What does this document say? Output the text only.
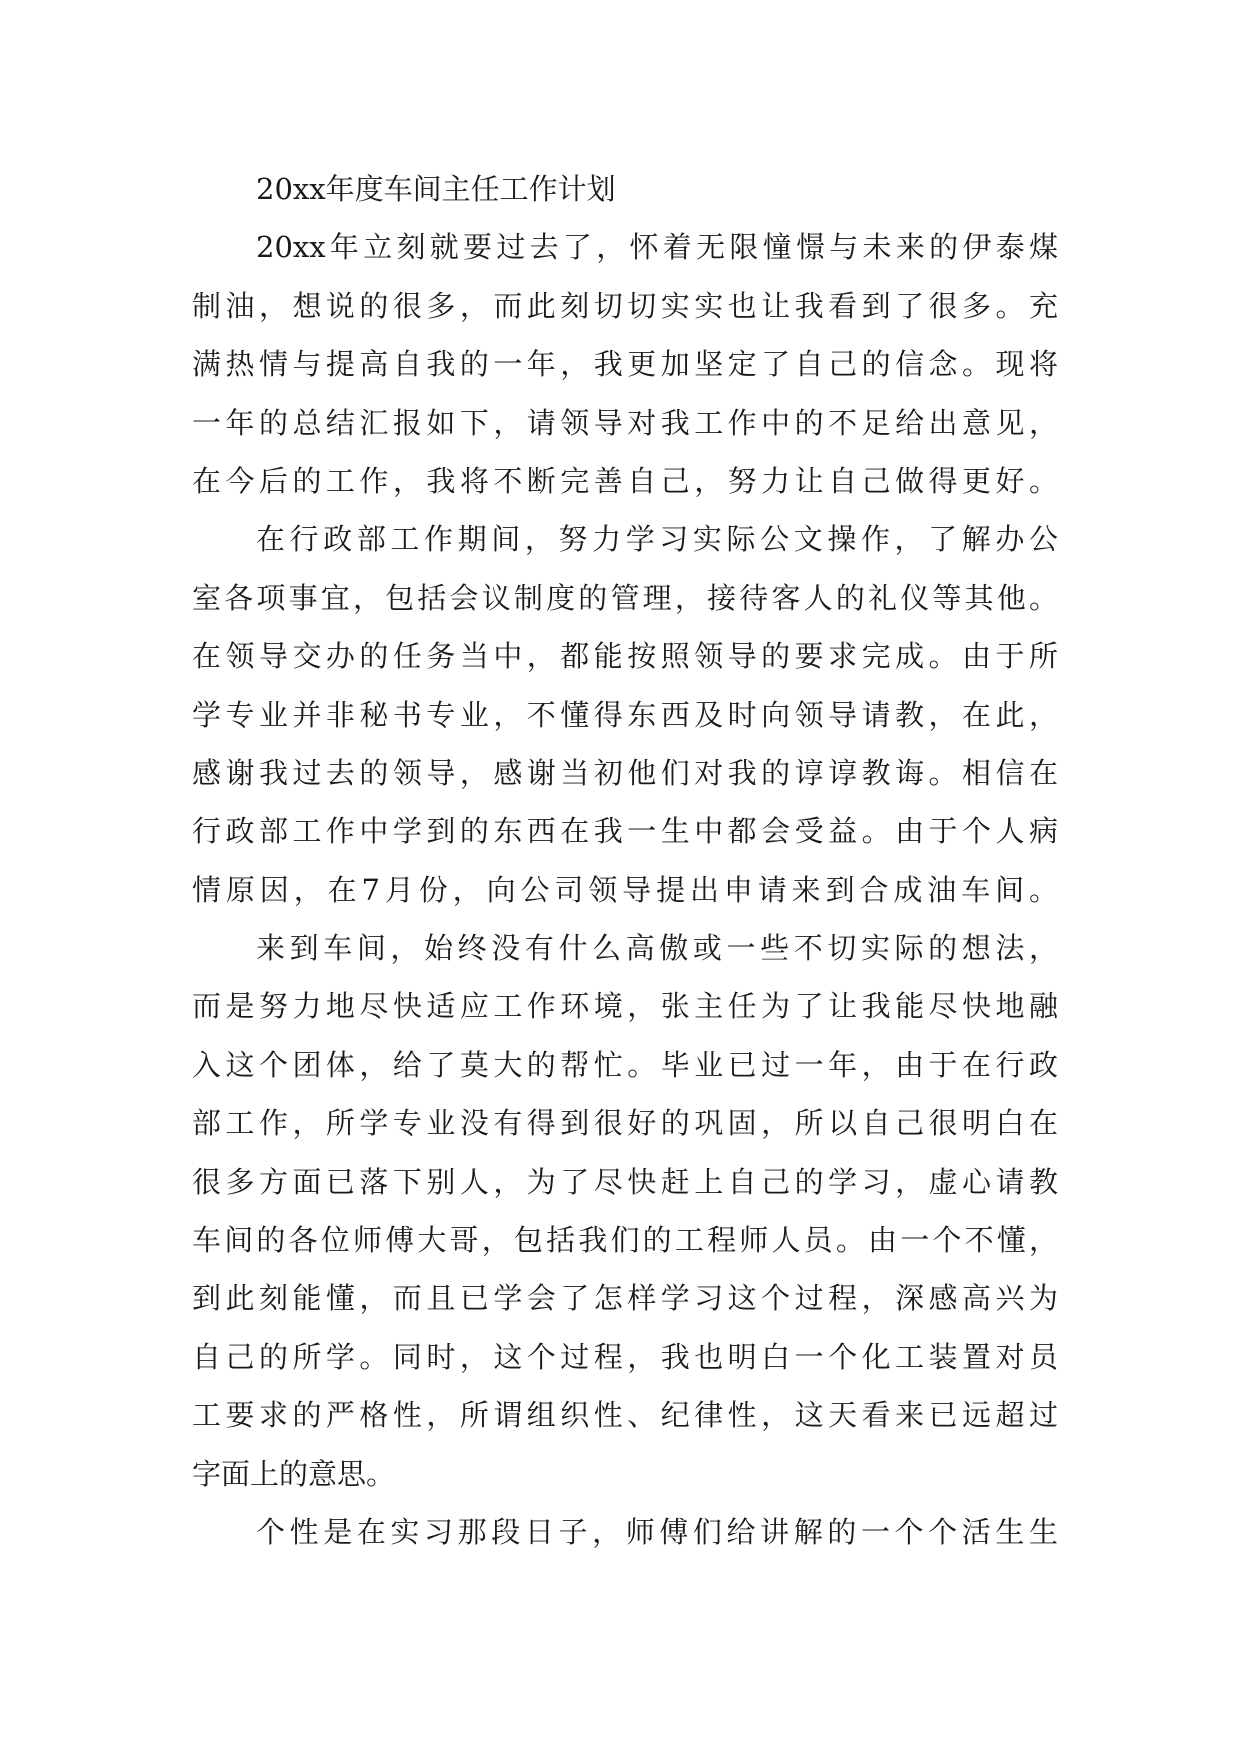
20xx年度车间主任工作计划
20xx年立刻就要过去了，怀着无限憧憬与未来的伊泰煤
制油，想说的很多，而此刻切切实实也让我看到了很多。充
满热情与提高自我的一年，我更加坚定了自己的信念。现将
一年的总结汇报如下，请领导对我工作中的不足给出意见，
在今后的工作，我将不断完善自己，努力让自己做得更好。
在行政部工作期间，努力学习实际公文操作，了解办公
室各项事宜，包括会议制度的管理，接待客人的礼仪等其他。
在领导交办的任务当中，都能按照领导的要求完成。由于所
学专业并非秘书专业，不懂得东西及时向领导请教，在此，
感谢我过去的领导，感谢当初他们对我的谆谆教诲。相信在
行政部工作中学到的东西在我一生中都会受益。由于个人病
情原因，在7月份，向公司领导提出申请来到合成油车间。
来到车间，始终没有什么高傲或一些不切实际的想法，
而是努力地尽快适应工作环境，张主任为了让我能尽快地融
入这个团体，给了莫大的帮忙。毕业已过一年，由于在行政
部工作，所学专业没有得到很好的巩固，所以自己很明白在
很多方面已落下别人，为了尽快赶上自己的学习，虚心请教
车间的各位师傅大哥，包括我们的工程师人员。由一个不懂，
到此刻能懂，而且已学会了怎样学习这个过程，深感高兴为
自己的所学。同时，这个过程，我也明白一个化工装置对员
工要求的严格性，所谓组织性、纪律性，这天看来已远超过
字面上的意思。
个性是在实习那段日子，师傅们给讲解的一个个活生生
